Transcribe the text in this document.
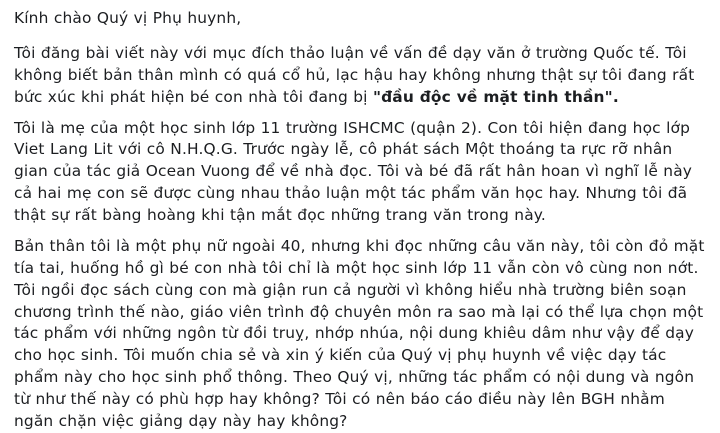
Kính chào Quý vị Phụ huynh,

Tôi đăng bài viết này với mục đích thảo luận về vấn đề dạy văn ở trường Quốc tế. Tôi không biết bản thân mình có quá cổ hủ, lạc hậu hay không nhưng thật sự tôi đang rất bức xúc khi phát hiện bé con nhà tôi đang bị "đầu độc về mặt tinh thần".

Tôi là mẹ của một học sinh lớp 11 trường ISHCMC (quận 2). Con tôi hiện đang học lớp Viet Lang Lit với cô N.H.Q.G. Trước ngày lễ, cô phát sách Một thoáng ta rực rỡ nhân gian của tác giả Ocean Vuong để về nhà đọc. Tôi và bé đã rất hân hoan vì nghĩ lễ này cả hai mẹ con sẽ được cùng nhau thảo luận một tác phẩm văn học hay. Nhưng tôi đã thật sự rất bàng hoàng khi tận mắt đọc những trang văn trong này.

Bản thân tôi là một phụ nữ ngoài 40, nhưng khi đọc những câu văn này, tôi còn đỏ mặt tía tai, huống hồ gì bé con nhà tôi chỉ là một học sinh lớp 11 vẫn còn vô cùng non nớt. Tôi ngồi đọc sách cùng con mà giận run cả người vì không hiểu nhà trường biên soạn chương trình thế nào, giáo viên trình độ chuyên môn ra sao mà lại có thể lựa chọn một tác phẩm với những ngôn từ đồi truỵ, nhớp nhúa, nội dung khiêu dâm như vậy để dạy cho học sinh. Tôi muốn chia sẻ và xin ý kiến của Quý vị phụ huynh về việc dạy tác phẩm này cho học sinh phổ thông. Theo Quý vị, những tác phẩm có nội dung và ngôn từ như thế này có phù hợp hay không? Tôi có nên báo cáo điều này lên BGH nhằm ngăn chặn việc giảng dạy này hay không?
